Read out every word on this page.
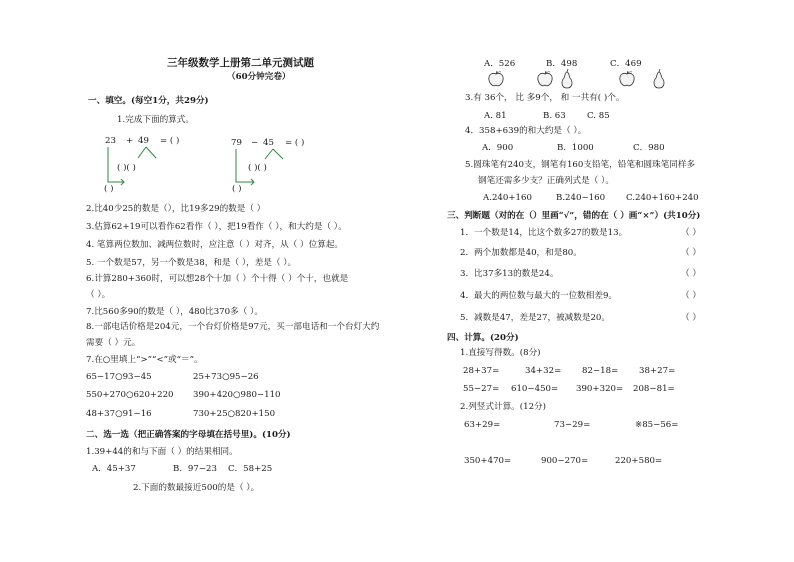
三年级数学上册第二单元测试题
（60分钟完卷）
一、填空。(每空1分，共29分)
1.完成下面的算式。
23 + 49 = ( )
( )( )
( )
79 − 45 = ( )
( )( )
( )
2.比40少25的数是（），比19多29的数是（ ）
3.估算62+19可以看作62看作（ ），把19看作（ ），和大约是（ ）。
4. 笔算两位数加、减两位数时，应注意（ ）对齐，从（ ）位算起。
5. 一个数是57，另一个数是38，和是（ ），差是（ ）。
6.计算280+360时，可以想28个十加（ ）个十得（ ）个十，也就是
（ ）。
7.比560多90的数是（ ），480比370多（ ）。
8.一部电话价格是204元，一个台灯价格是97元，买一部电话和一个台灯大约
需要（ ）元。
7.在○里填上“>”“<”或“＝”。
65−17○93−45	25+73○95−26
550+270○620+220 390+420○980−110
48+37○91−16	730+25○820+150
二、选一选（把正确答案的字母填在括号里)。(10分)
1.39+44的和与下面（ ）的结果相同。
A．45+37	B．97−23 C．58+25
2.下面的数最接近500的是（ ）。
A．526	B．498	C．469
3.有 36个， 比 多9个， 和 一共有( )个。
A. 81	B. 63 C. 85
4．358+639的和大约是（ ）。
A．900	B．1000	C．980
5.圆珠笔有240支，钢笔有160支铅笔，铅笔和圆珠笔同样多
钢笔还需多少支？正确列式是（ ）。
A.240+160	B.240−160 C.240+160+240
三、判断题（对的在（）里画“√”，错的在（ ）画“×”）(共10分)
1．一个数是14，比这个数多27的数是13。	（ ）
2．两个加数都是40，和是80。	（ ）
3．比37多13的数是24。	（ ）
4．最大的两位数与最大的一位数相差9。	（ ）
5．减数是47，差是27，被减数是20。	（ ）
四、计算。(20分)
1.直接写得数。(8分)
28+37=	34+32= 82−18= 38+27=
55−27= 610−450= 390+320= 208−81=
2.列竖式计算。(12分)
63+29=	73−29=	※85−56=
350+470=	900−270=	220+580=
